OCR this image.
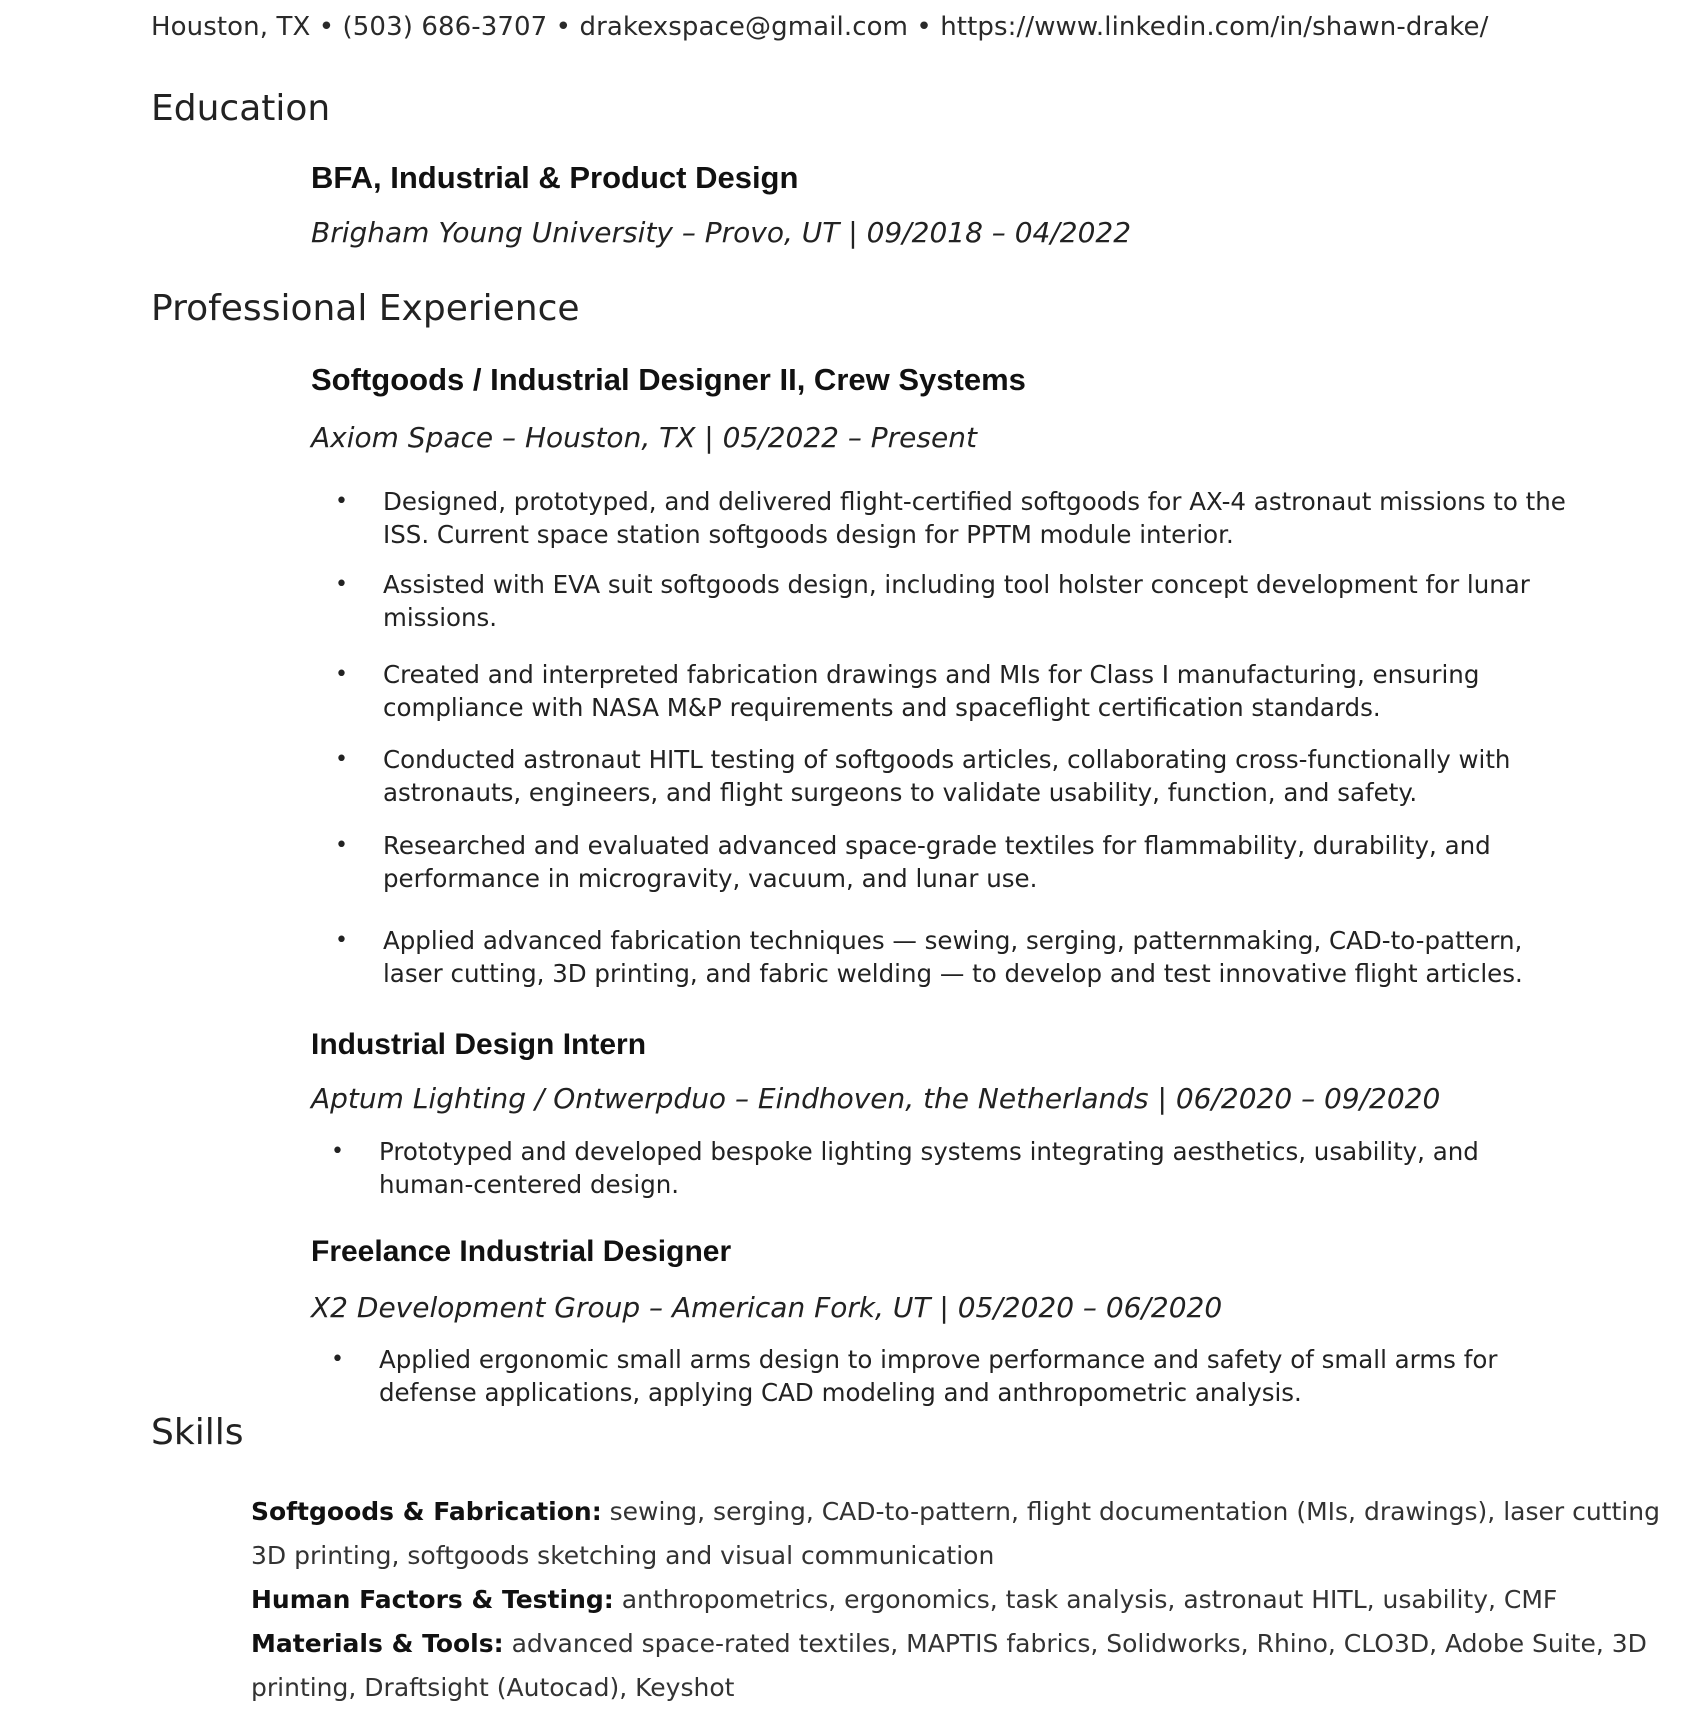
Houston, TX • (503) 686-3707 • drakexspace@gmail.com • https://www.linkedin.com/in/shawn-drake/
Education
BFA, Industrial & Product Design
Brigham Young University – Provo, UT | 09/2018 – 04/2022
Professional Experience
Softgoods / Industrial Designer II, Crew Systems
Axiom Space – Houston, TX | 05/2022 – Present
• Designed, prototyped, and delivered flight-certified softgoods for AX-4 astronaut missions to the ISS. Current space station softgoods design for PPTM module interior.
• Assisted with EVA suit softgoods design, including tool holster concept development for lunar missions.
• Created and interpreted fabrication drawings and MIs for Class I manufacturing, ensuring compliance with NASA M&P requirements and spaceflight certification standards.
• Conducted astronaut HITL testing of softgoods articles, collaborating cross-functionally with astronauts, engineers, and flight surgeons to validate usability, function, and safety.
• Researched and evaluated advanced space-grade textiles for flammability, durability, and performance in microgravity, vacuum, and lunar use.
• Applied advanced fabrication techniques — sewing, serging, patternmaking, CAD-to-pattern, laser cutting, 3D printing, and fabric welding — to develop and test innovative flight articles.
Industrial Design Intern
Aptum Lighting / Ontwerpduo – Eindhoven, the Netherlands | 06/2020 – 09/2020
• Prototyped and developed bespoke lighting systems integrating aesthetics, usability, and human-centered design.
Freelance Industrial Designer
X2 Development Group – American Fork, UT | 05/2020 – 06/2020
• Applied ergonomic small arms design to improve performance and safety of small arms for defense applications, applying CAD modeling and anthropometric analysis.
Skills
Softgoods & Fabrication: sewing, serging, CAD-to-pattern, flight documentation (MIs, drawings), laser cutting 3D printing, softgoods sketching and visual communication
Human Factors & Testing: anthropometrics, ergonomics, task analysis, astronaut HITL, usability, CMF
Materials & Tools: advanced space-rated textiles, MAPTIS fabrics, Solidworks, Rhino, CLO3D, Adobe Suite, 3D printing, Draftsight (Autocad), Keyshot
